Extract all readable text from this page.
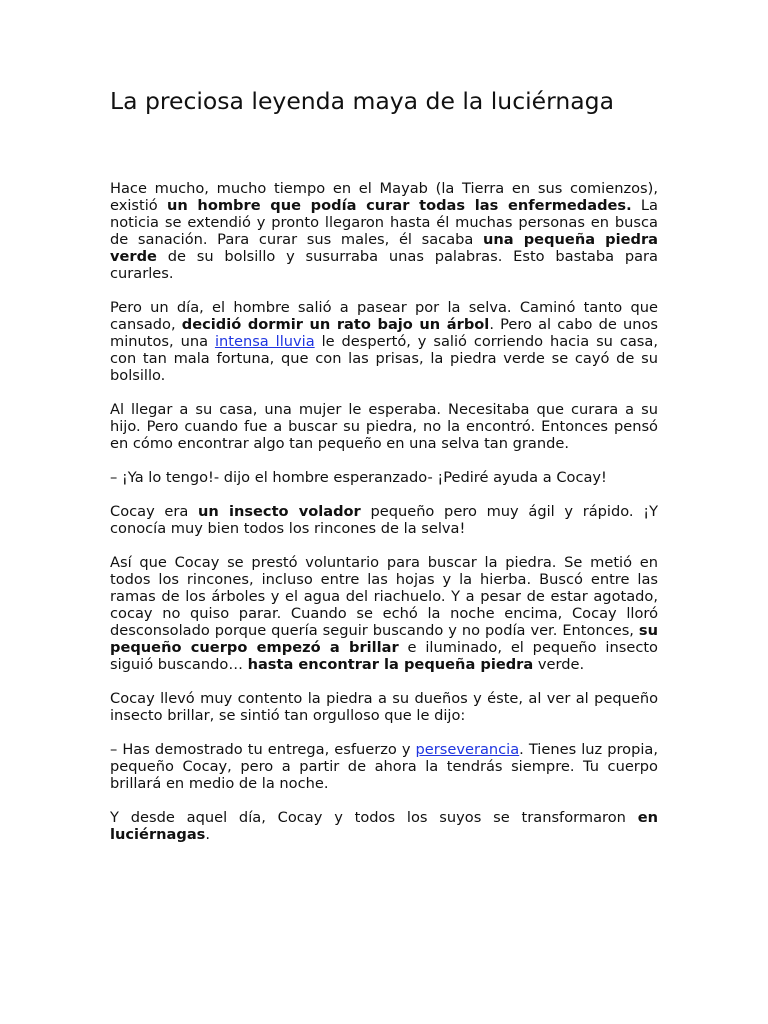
La preciosa leyenda maya de la luciérnaga

Hace mucho, mucho tiempo en el Mayab (la Tierra en sus comienzos), existió un hombre que podía curar todas las enfermedades. La noticia se extendió y pronto llegaron hasta él muchas personas en busca de sanación. Para curar sus males, él sacaba una pequeña piedra verde de su bolsillo y susurraba unas palabras. Esto bastaba para curarles.

Pero un día, el hombre salió a pasear por la selva. Caminó tanto que cansado, decidió dormir un rato bajo un árbol. Pero al cabo de unos minutos, una intensa lluvia le despertó, y salió corriendo hacia su casa, con tan mala fortuna, que con las prisas, la piedra verde se cayó de su bolsillo.

Al llegar a su casa, una mujer le esperaba. Necesitaba que curara a su hijo. Pero cuando fue a buscar su piedra, no la encontró. Entonces pensó en cómo encontrar algo tan pequeño en una selva tan grande.

– ¡Ya lo tengo!- dijo el hombre esperanzado- ¡Pediré ayuda a Cocay!

Cocay era un insecto volador pequeño pero muy ágil y rápido. ¡Y conocía muy bien todos los rincones de la selva!

Así que Cocay se prestó voluntario para buscar la piedra. Se metió en todos los rincones, incluso entre las hojas y la hierba. Buscó entre las ramas de los árboles y el agua del riachuelo. Y a pesar de estar agotado, cocay no quiso parar. Cuando se echó la noche encima, Cocay lloró desconsolado porque quería seguir buscando y no podía ver. Entonces, su pequeño cuerpo empezó a brillar e iluminado, el pequeño insecto siguió buscando… hasta encontrar la pequeña piedra verde.

Cocay llevó muy contento la piedra a su dueños y éste, al ver al pequeño insecto brillar, se sintió tan orgulloso que le dijo:

– Has demostrado tu entrega, esfuerzo y perseverancia. Tienes luz propia, pequeño Cocay, pero a partir de ahora la tendrás siempre. Tu cuerpo brillará en medio de la noche.

Y desde aquel día, Cocay y todos los suyos se transformaron en luciérnagas.
